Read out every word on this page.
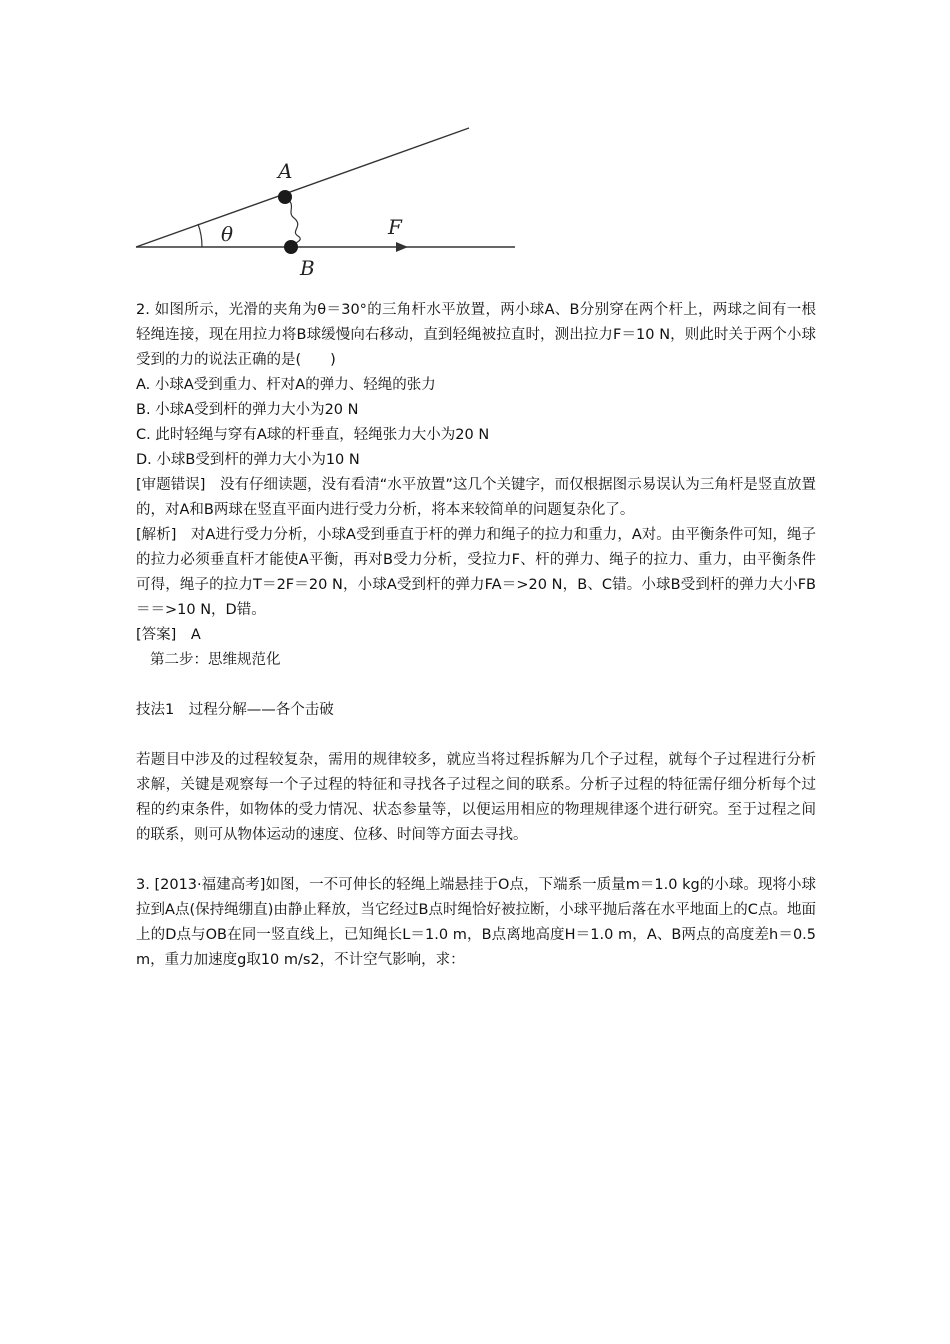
A
B
θ	F

2. 如图所示，光滑的夹角为θ＝30°的三角杆水平放置，两小球A、B分别穿在两个杆上，两球之间有一根轻绳连接，现在用拉力将B球缓慢向右移动，直到轻绳被拉直时，测出拉力F＝10 N，则此时关于两个小球受到的力的说法正确的是(　　)

A. 小球A受到重力、杆对A的弹力、轻绳的张力

B. 小球A受到杆的弹力大小为20 N

C. 此时轻绳与穿有A球的杆垂直，轻绳张力大小为20 N

D. 小球B受到杆的弹力大小为10 N

[审题错误]　没有仔细读题，没有看清“水平放置”这几个关键字，而仅根据图示易误认为三角杆是竖直放置的，对A和B两球在竖直平面内进行受力分析，将本来较简单的问题复杂化了。

[解析]　对A进行受力分析，小球A受到垂直于杆的弹力和绳子的拉力和重力，A对。由平衡条件可知，绳子的拉力必须垂直杆才能使A平衡，再对B受力分析，受拉力F、杆的弹力、绳子的拉力、重力，由平衡条件可得，绳子的拉力T＝2F＝20 N，小球A受到杆的弹力FA＝>20 N，B、C错。小球B受到杆的弹力大小FB＝＝>10 N，D错。

[答案]　A

第二步：思维规范化

技法1　过程分解——各个击破

若题目中涉及的过程较复杂，需用的规律较多，就应当将过程拆解为几个子过程，就每个子过程进行分析求解，关键是观察每一个子过程的特征和寻找各子过程之间的联系。分析子过程的特征需仔细分析每个过程的约束条件，如物体的受力情况、状态参量等，以便运用相应的物理规律逐个进行研究。至于过程之间的联系，则可从物体运动的速度、位移、时间等方面去寻找。

3. [2013·福建高考]如图，一不可伸长的轻绳上端悬挂于O点，下端系一质量m＝1.0 kg的小球。现将小球拉到A点(保持绳绷直)由静止释放，当它经过B点时绳恰好被拉断，小球平抛后落在水平地面上的C点。地面上的D点与OB在同一竖直线上，已知绳长L＝1.0 m，B点离地高度H＝1.0 m，A、B两点的高度差h＝0.5 m，重力加速度g取10 m/s2，不计空气影响，求：
